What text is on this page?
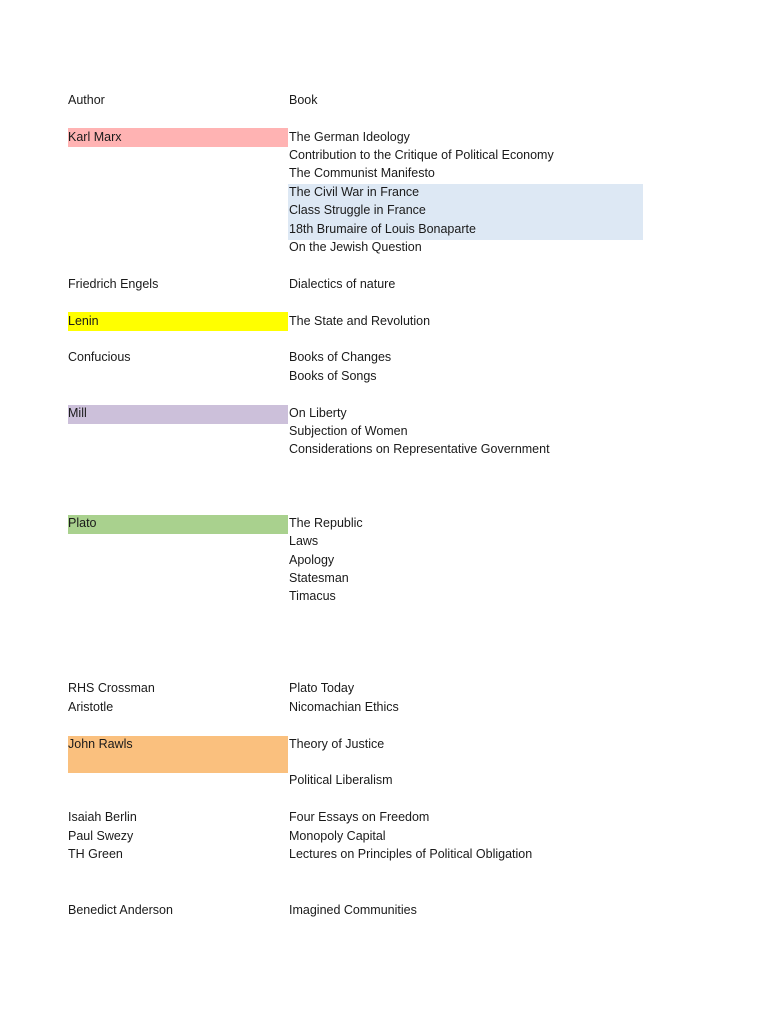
Author	Book
Karl Marx	The German Ideology
Contribution to the Critique of Political Economy
The Communist Manifesto
The Civil War in France
Class Struggle in France
18th Brumaire of Louis Bonaparte
On the Jewish Question
Friedrich Engels	Dialectics of nature
Lenin	The State and Revolution
Confucious	Books of Changes
Books of Songs
Mill	On Liberty
Subjection of Women
Considerations on Representative Government
Plato	The Republic
Laws
Apology
Statesman
Timacus
RHS Crossman	Plato Today
Aristotle	Nicomachian Ethics
John Rawls	Theory of Justice
Political Liberalism
Isaiah Berlin	Four Essays on Freedom
Paul Swezy	Monopoly Capital
TH Green	Lectures on Principles of Political Obligation
Benedict Anderson	Imagined Communities
